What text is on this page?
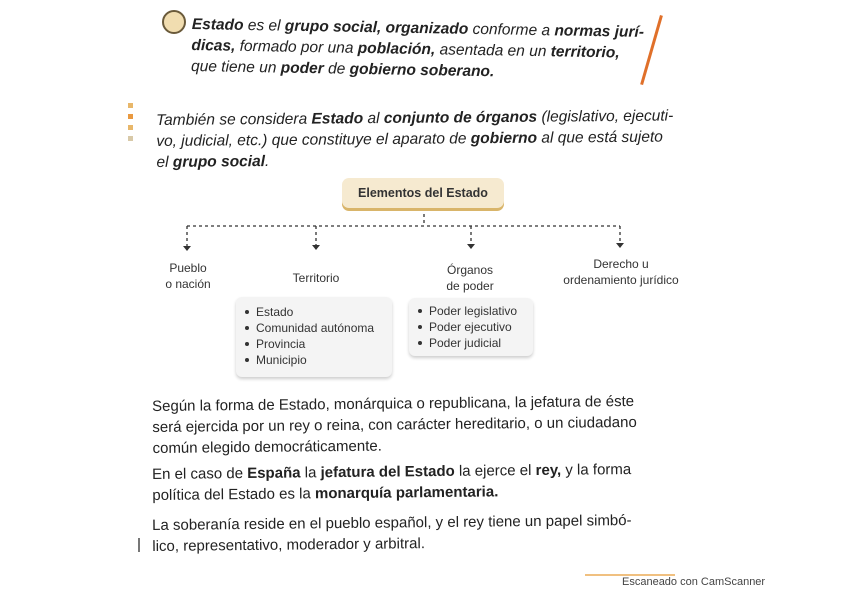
Estado es el grupo social, organizado conforme a normas jurí-
dicas, formado por una población, asentada en un territorio,
que tiene un poder de gobierno soberano.
También se considera Estado al conjunto de órganos (legislativo, ejecuti-
vo, judicial, etc.) que constituye el aparato de gobierno al que está sujeto
el grupo social.
Elementos del Estado
Pueblo
o nación	Territorio
Órganos
de poder
Derecho u
ordenamiento jurídico
Estado
Comunidad autónoma
Provincia
Municipio
Poder legislativo
Poder ejecutivo
Poder judicial
Según la forma de Estado, monárquica o republicana, la jefatura de éste
será ejercida por un rey o reina, con carácter hereditario, o un ciudadano
común elegido democráticamente.
En el caso de España la jefatura del Estado la ejerce el rey, y la forma
política del Estado es la monarquía parlamentaria.
La soberanía reside en el pueblo español, y el rey tiene un papel simbó-
lico, representativo, moderador y arbitral.
Escaneado con CamScanner
